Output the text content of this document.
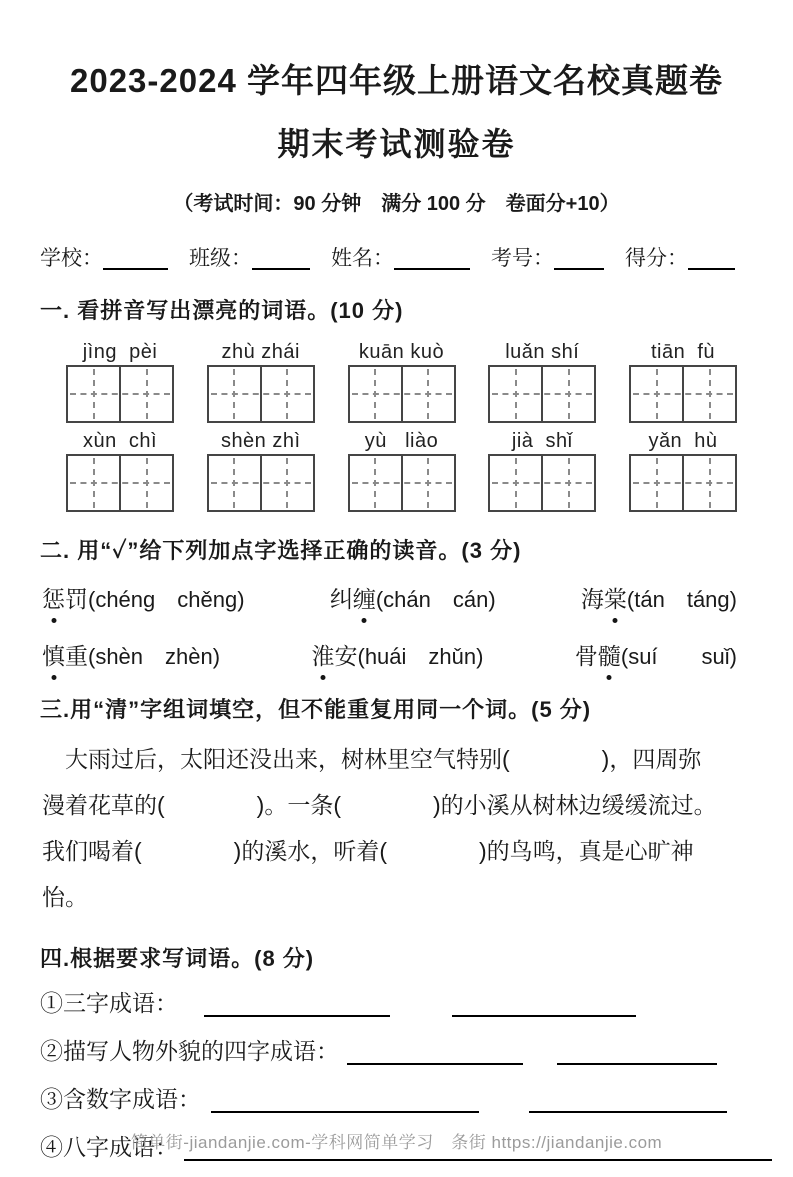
2023-2024 学年四年级上册语文名校真题卷
期末考试测验卷
（考试时间：90 分钟　满分 100 分　卷面分+10）
学校：	班级：	姓名：	考号：	得分：
一. 看拼音写出漂亮的词语。(10 分)
jìng  pèi	zhù zhái	kuān kuò	luǎn shí	tiān  fù
xùn  chì	shèn zhì	yù   liào	jià  shǐ	yǎn  hù
二. 用“✓”给下列加点字选择正确的读音。(3 分)
惩罚(chéng　chěng)	纠缠(chán　cán)	海棠(tán　táng)
慎重(shèn　zhèn)	淮安(huái　zhǔn)	骨髓(suí　　suǐ)
三.用“清”字组词填空，但不能重复用同一个词。(5 分)
　大雨过后，太阳还没出来，树林里空气特别(　　　　)，四周弥
漫着花草的(　　　　)。一条(　　　　)的小溪从树林边缓缓流过。
我们喝着(　　　　)的溪水，听着(　　　　)的鸟鸣，真是心旷神
怡。
四.根据要求写词语。(8 分)
①三字成语：
②描写人物外貌的四字成语：
③含数字成语：
④八字成语：
简单街-jiandanjie.com-学科网简单学习　条街 https://jiandanjie.com
